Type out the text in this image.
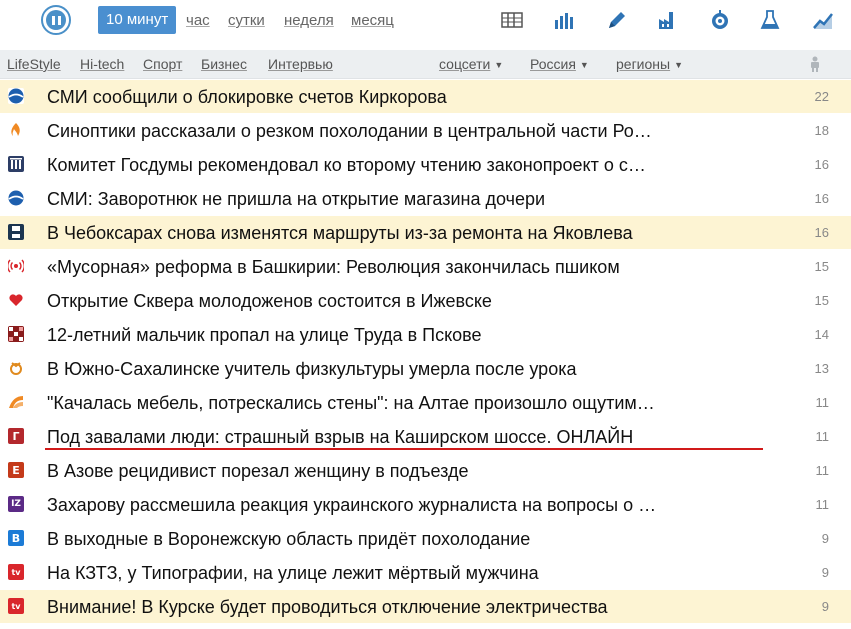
10 минут	час сутки неделя месяц
LifeStyle Hi-tech Спорт Бизнес Интервью	соцсети ▼ Россия ▼ регионы ▼
СМИ сообщили о блокировке счетов Киркорова	22
Синоптики рассказали о резком похолодании в центральной части Ро…	18
Комитет Госдумы рекомендовал ко второму чтению законопроект о с…	16
СМИ: Заворотнюк не пришла на открытие магазина дочери	16
В Чебоксарах снова изменятся маршруты из-за ремонта на Яковлева	16
«Мусорная» реформа в Башкирии: Революция закончилась пшиком	15
Открытие Сквера молодоженов состоится в Ижевске	15
12-летний мальчик пропал на улице Труда в Пскове	14
В Южно-Сахалинске учитель физкультуры умерла после урока	13
"Качалась мебель, потрескались стены": на Алтае произошло ощутим…	11
Г Под завалами люди: страшный взрыв на Каширском шоссе. ОНЛАЙН	11
E В Азове рецидивист порезал женщину в подъезде	11
IZ Захарову рассмешила реакция украинского журналиста на вопросы о …	11
В В выходные в Воронежскую область придёт похолодание	9
tv На КЗТЗ, у Типографии, на улице лежит мёртвый мужчина	9
tv Внимание! В Курске будет проводиться отключение электричества	9
